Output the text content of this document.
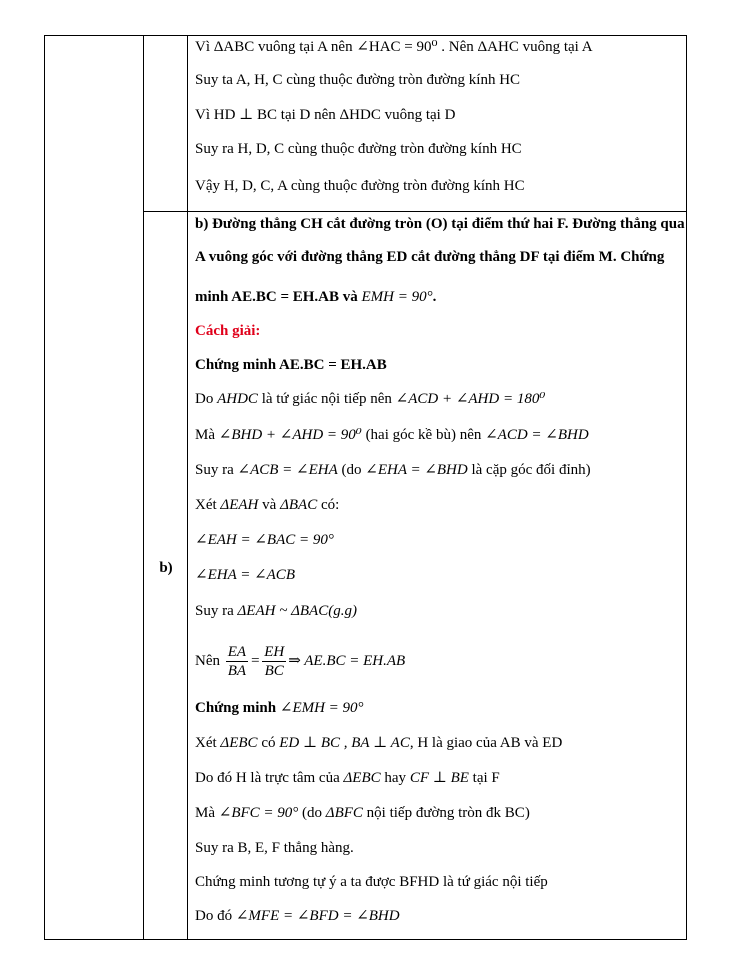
b)
Vì ΔABC vuông tại A nên ∠HAC = 90⁰ . Nên ΔAHC vuông tại A
Suy ta A, H, C cùng thuộc đường tròn đường kính HC
Vì HD ⊥ BC tại D nên ΔHDC vuông tại D
Suy ra H, D, C cùng thuộc đường tròn đường kính HC
Vậy H, D, C, A cùng thuộc đường tròn đường kính HC
b) Đường thẳng CH cắt đường tròn (O) tại điểm thứ hai F. Đường thẳng qua
A vuông góc với đường thẳng ED cắt đường thẳng DF tại điểm M. Chứng
minh AE.BC = EH.AB và EMH = 90°.
Cách giải:
Chứng minh AE.BC = EH.AB
Do AHDC là tứ giác nội tiếp nên ∠ACD + ∠AHD = 180⁰
Mà ∠BHD + ∠AHD = 90⁰ (hai góc kề bù) nên ∠ACD = ∠BHD
Suy ra ∠ACB = ∠EHA (do ∠EHA = ∠BHD là cặp góc đối đỉnh)
Xét ΔEAH và ΔBAC có:
∠EAH = ∠BAC = 90°
∠EHA = ∠ACB
Suy ra ΔEAH ~ ΔBAC(g.g)
Nên $\frac{EA}{BA} = \frac{EH}{BC}$ ⇒ AE.BC = EH.AB
Chứng minh ∠EMH = 90°
Xét ΔEBC có ED ⊥ BC , BA ⊥ AC, H là giao của AB và ED
Do đó H là trực tâm của ΔEBC hay CF ⊥ BE tại F
Mà ∠BFC = 90° (do ΔBFC nội tiếp đường tròn đk BC)
Suy ra B, E, F thẳng hàng.
Chứng minh tương tự ý a ta được BFHD là tứ giác nội tiếp
Do đó ∠MFE = ∠BFD = ∠BHD
